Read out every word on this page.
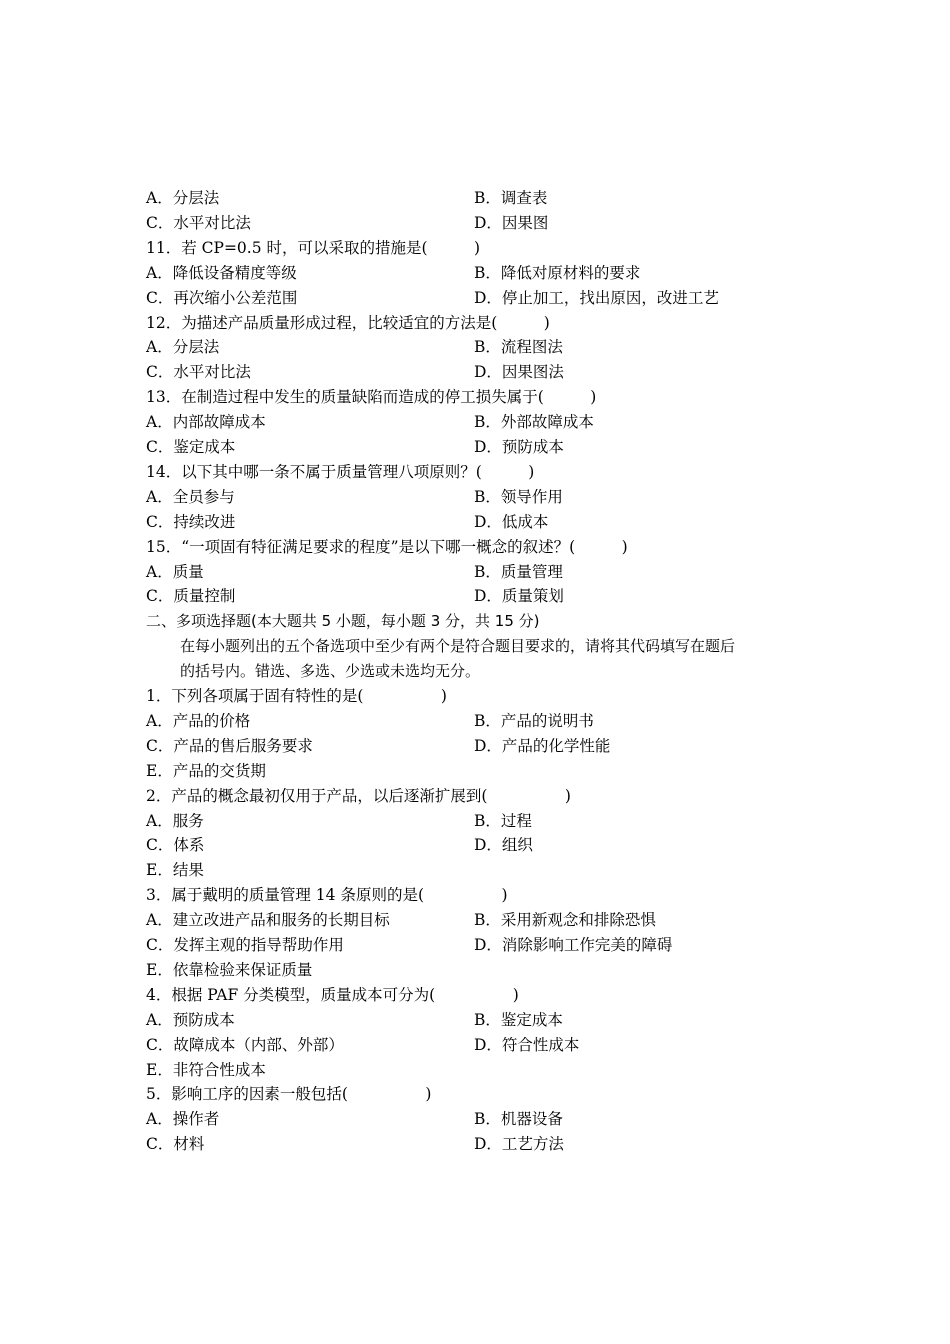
A．分层法	B．调查表
C．水平对比法	D．因果图
11．若 CP=0.5 时，可以采取的措施是(　　　)
A．降低设备精度等级	B．降低对原材料的要求
C．再次缩小公差范围	D．停止加工，找出原因，改进工艺
12．为描述产品质量形成过程，比较适宜的方法是(　　　)
A．分层法	B．流程图法
C．水平对比法	D．因果图法
13．在制造过程中发生的质量缺陷而造成的停工损失属于(　　　)
A．内部故障成本	B．外部故障成本
C．鉴定成本	D．预防成本
14．以下其中哪一条不属于质量管理八项原则？(　　　)
A．全员参与	B．领导作用
C．持续改进	D．低成本
15．“一项固有特征满足要求的程度”是以下哪一概念的叙述？(　　　)
A．质量	B．质量管理
C．质量控制	D．质量策划
二、多项选择题(本大题共 5 小题，每小题 3 分，共 15 分)
在每小题列出的五个备选项中至少有两个是符合题目要求的，请将其代码填写在题后
的括号内。错选、多选、少选或未选均无分。
1．下列各项属于固有特性的是(　　　　　)
A．产品的价格	B．产品的说明书
C．产品的售后服务要求	D．产品的化学性能
E．产品的交货期
2．产品的概念最初仅用于产品，以后逐渐扩展到(　　　　　)
A．服务	B．过程
C．体系	D．组织
E．结果
3．属于戴明的质量管理 14 条原则的是(　　　　　)
A．建立改进产品和服务的长期目标	B．采用新观念和排除恐惧
C．发挥主观的指导帮助作用	D．消除影响工作完美的障碍
E．依靠检验来保证质量
4．根据 PAF 分类模型，质量成本可分为(　　　　　)
A．预防成本	B．鉴定成本
C．故障成本（内部、外部）	D．符合性成本
E．非符合性成本
5．影响工序的因素一般包括(　　　　　)
A．操作者	B．机器设备
C．材料	D．工艺方法
